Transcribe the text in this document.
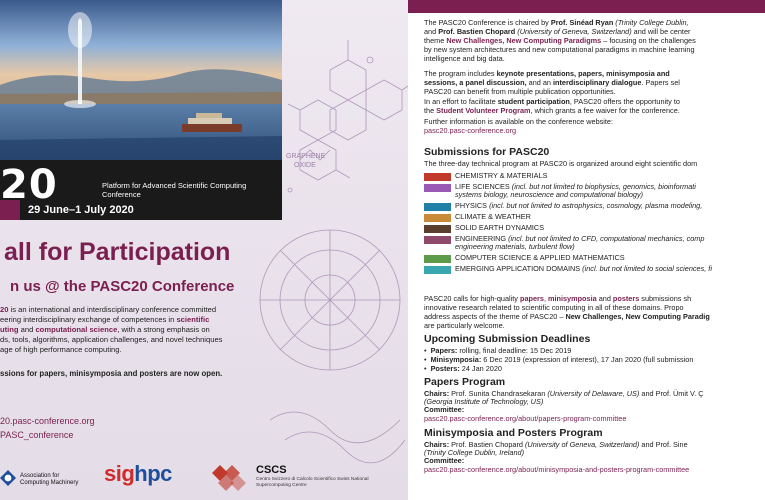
GRAPHENE
OXIDE
20	Platform for Advanced Scientific Computing Conference
29 June–1 July 2020
all for Participation
n us @ the PASC20 Conference
20 is an international and interdisciplinary conference committed
eering interdisciplinary exchange of competences in scientific
uting and computational science, with a strong emphasis on
ds, tools, algorithms, application challenges, and novel techniques
age of high performance computing.
ssions for papers, minisymposia and posters are now open.
20.pasc-conference.org
PASC_conference
Association for Computing Machinery	sighpc	CSCS
Centro Svizzero di Calcolo Scientifico Swiss National Supercomputing Centre
The PASC20 Conference is chaired by Prof. Sinéad Ryan (Trinity College Dublin,
and Prof. Bastien Chopard (University of Geneva, Switzerland) and will be center
theme New Challenges, New Computing Paradigms – focusing on the challenges
by new system architectures and new computational paradigms in machine learning
intelligence and big data.
The program includes keynote presentations, papers, minisymposia and
sessions, a panel discussion, and an interdisciplinary dialogue. Papers sel
PASC20 can benefit from multiple publication opportunities.
In an effort to facilitate student participation, PASC20 offers the opportunity to
the Student Volunteer Program, which grants a fee waiver for the conference.
Further information is available on the conference website:
pasc20.pasc-conference.org
Submissions for PASC20
The three-day technical program at PASC20 is organized around eight scientific dom
CHEMISTRY & MATERIALS
LIFE SCIENCES (incl. but not limited to biophysics, genomics, bioinformati
systems biology, neuroscience and computational biology)
PHYSICS (incl. but not limited to astrophysics, cosmology, plasma modeling,
CLIMATE & WEATHER
SOLID EARTH DYNAMICS
ENGINEERING (incl. but not limited to CFD, computational mechanics, comp
engineering materials, turbulent flow)
COMPUTER SCIENCE & APPLIED MATHEMATICS
EMERGING APPLICATION DOMAINS (incl. but not limited to social sciences, fi
PASC20 calls for high-quality papers, minisymposia and posters submissions sh
innovative research related to scientific computing in all of these domains. Propo
address aspects of the theme of PASC20 – New Challenges, New Computing Paradig
are particularly welcome.
Upcoming Submission Deadlines
• Papers: rolling, final deadline: 15 Dec 2019
• Minisymposia: 6 Dec 2019 (expression of interest), 17 Jan 2020 (full submission
• Posters: 24 Jan 2020
Papers Program
Chairs: Prof. Sunita Chandrasekaran (University of Delaware, US) and Prof. Ümit V. Ç
(Georgia Institute of Technology, US)
Committee:
pasc20.pasc-conference.org/about/papers-program-committee
Minisymposia and Posters Program
Chairs: Prof. Bastien Chopard (University of Geneva, Switzerland) and Prof. Sine
(Trinity College Dublin, Ireland)
Committee:
pasc20.pasc-conference.org/about/minisymposia-and-posters-program-committee
